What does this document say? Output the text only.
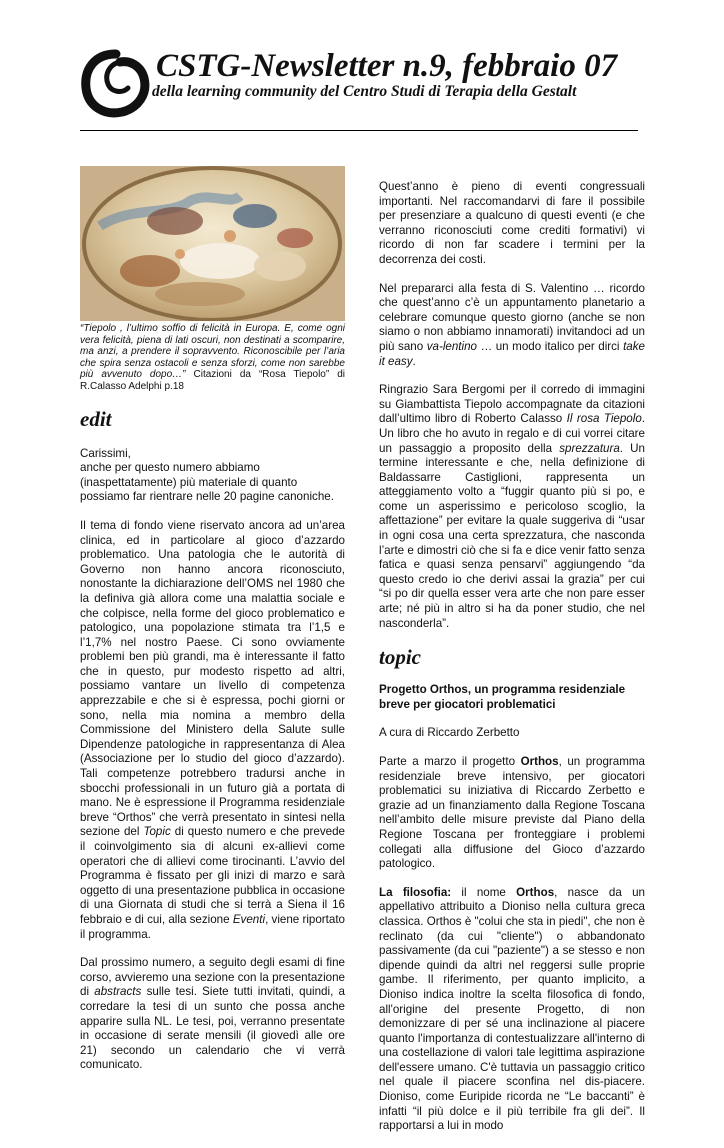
CSTG-Newsletter n.9, febbraio 07
della learning community del Centro Studi di Terapia della Gestalt

“Tiepolo , l’ultimo soffio di felicità in Europa. E, come ogni vera felicità, piena di lati oscuri, non destinati a scomparire, ma anzi, a prendere il sopravvento. Riconoscibile per l’aria che spira senza ostacoli e senza sforzi, come non sarebbe più avvenuto dopo…” Citazioni da “Rosa Tiepolo” di R.Calasso Adelphi p.18

edit

Carissimi,
anche per questo numero abbiamo (inaspettatamente) più materiale di quanto possiamo far rientrare nelle 20 pagine canoniche.

Il tema di fondo viene riservato ancora ad un’area clinica, ed in particolare al gioco d’azzardo problematico. Una patologia che le autorità di Governo non hanno ancora riconosciuto, nonostante la dichiarazione dell’OMS nel 1980 che la definiva già allora come una malattia sociale e che colpisce, nella forme del gioco problematico e patologico, una popolazione stimata tra l’1,5 e l’1,7% nel nostro Paese. Ci sono ovviamente problemi ben più grandi, ma è interessante il fatto che in questo, pur modesto rispetto ad altri, possiamo vantare un livello di competenza apprezzabile e che si è espressa, pochi giorni or sono, nella mia nomina a membro della Commissione del Ministero della Salute sulle Dipendenze patologiche in rappresentanza di Alea (Associazione per lo studio del gioco d’azzardo). Tali competenze potrebbero tradursi anche in sbocchi professionali in un futuro già a portata di mano. Ne è espressione il Programma residenziale breve “Orthos” che verrà presentato in sintesi nella sezione del Topic di questo numero e che prevede il coinvolgimento sia di alcuni ex-allievi come operatori che di allievi come tirocinanti. L’avvio del Programma è fissato per gli inizi di marzo e sarà oggetto di una presentazione pubblica in occasione di una Giornata di studi che si terrà a Siena il 16 febbraio e di cui, alla sezione Eventi, viene riportato il programma.

Dal prossimo numero, a seguito degli esami di fine corso, avvieremo una sezione con la presentazione di abstracts sulle tesi. Siete tutti invitati, quindi, a corredare la tesi di un sunto che possa anche apparire sulla NL. Le tesi, poi, verranno presentate in occasione di serate mensili (il giovedì alle ore 21) secondo un calendario che vi verrà comunicato.

Quest’anno è pieno di eventi congressuali importanti. Nel raccomandarvi di fare il possibile per presenziare a qualcuno di questi eventi (e che verranno riconosciuti come crediti formativi) vi ricordo di non far scadere i termini per la decorrenza dei costi.

Nel prepararci alla festa di S. Valentino … ricordo che quest’anno c’è un appuntamento planetario a celebrare comunque questo giorno (anche se non siamo o non abbiamo innamorati) invitandoci ad un più sano va-lentino … un modo italico per dirci take it easy.

Ringrazio Sara Bergomi per il corredo di immagini su Giambattista Tiepolo accompagnate da citazioni dall’ultimo libro di Roberto Calasso Il rosa Tiepolo. Un libro che ho avuto in regalo e di cui vorrei citare un passaggio a proposito della sprezzatura. Un termine interessante e che, nella definizione di Baldassarre Castiglioni, rappresenta un atteggiamento volto a “fuggir quanto più si po, e come un asperissimo e pericoloso scoglio, la affettazione” per evitare la quale suggeriva di “usar in ogni cosa una certa sprezzatura, che nasconda l’arte e dimostri ciò che si fa e dice venir fatto senza fatica e quasi senza pensarvi” aggiungendo “da questo credo io che derivi assai la grazia” per cui “si po dir quella esser vera arte che non pare esser arte; né più in altro si ha da poner studio, che nel nasconderla”.

topic

Progetto Orthos, un programma residenziale breve per giocatori problematici

A cura di Riccardo Zerbetto

Parte a marzo il progetto Orthos, un programma residenziale breve intensivo, per giocatori problematici su iniziativa di Riccardo Zerbetto e grazie ad un finanziamento dalla Regione Toscana nell’ambito delle misure previste dal Piano della Regione Toscana per fronteggiare i problemi collegati alla diffusione del Gioco d’azzardo patologico.

La filosofia: il nome Orthos, nasce da un appellativo attribuito a Dioniso nella cultura greca classica. Orthos è "colui che sta in piedi", che non è reclinato (da cui "cliente") o abbandonato passivamente (da cui "paziente") a se stesso e non dipende quindi da altri nel reggersi sulle proprie gambe. Il riferimento, per quanto implicito, a Dioniso indica inoltre la scelta filosofica di fondo, all'origine del presente Progetto, di non demonizzare di per sé una inclinazione al piacere quanto l'importanza di contestualizzare all'interno di una costellazione di valori tale legittima aspirazione dell'essere umano. C'è tuttavia un passaggio critico nel quale il piacere sconfina nel dis-piacere. Dioniso, come Euripide ricorda ne “Le baccanti” è infatti “il più dolce e il più terribile fra gli dei”. Il rapportarsi a lui in modo
